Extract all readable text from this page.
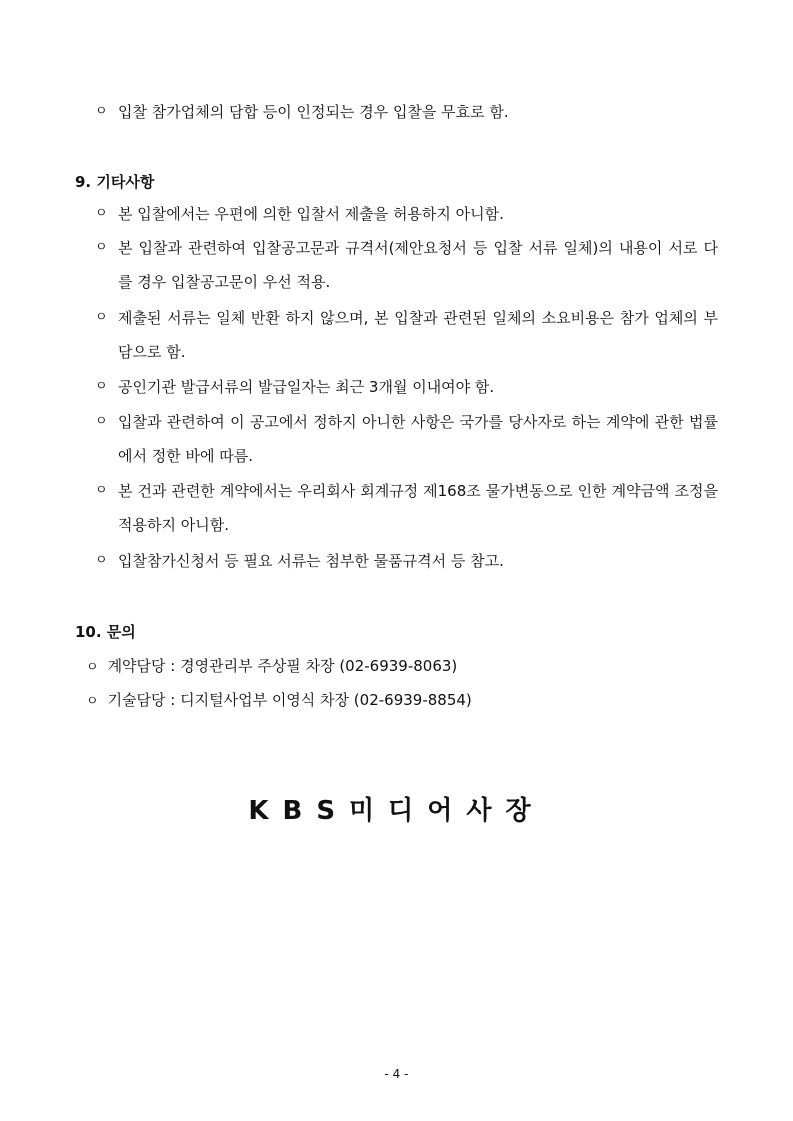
ㅇ 입찰 참가업체의 담합 등이 인정되는 경우 입찰을 무효로 함.
9. 기타사항
ㅇ 본 입찰에서는 우편에 의한 입찰서 제출을 허용하지 아니함.
ㅇ 본 입찰과 관련하여 입찰공고문과 규격서(제안요청서 등 입찰 서류 일체)의 내용이 서로 다를 경우 입찰공고문이 우선 적용.
ㅇ 제출된 서류는 일체 반환 하지 않으며, 본 입찰과 관련된 일체의 소요비용은 참가 업체의 부담으로 함.
ㅇ 공인기관 발급서류의 발급일자는 최근 3개월 이내여야 함.
ㅇ 입찰과 관련하여 이 공고에서 정하지 아니한 사항은 국가를 당사자로 하는 계약에 관한 법률에서 정한 바에 따름.
ㅇ 본 건과 관련한 계약에서는 우리회사 회계규정 제168조 물가변동으로 인한 계약금액 조정을 적용하지 아니함.
ㅇ 입찰참가신청서 등 필요 서류는 첨부한 물품규격서 등 참고.
10. 문의
ㅇ 계약담당 : 경영관리부 주상필 차장 (02-6939-8063)
ㅇ 기술담당 : 디지털사업부 이영식 차장 (02-6939-8854)
KBS미디어사장
- 4 -
